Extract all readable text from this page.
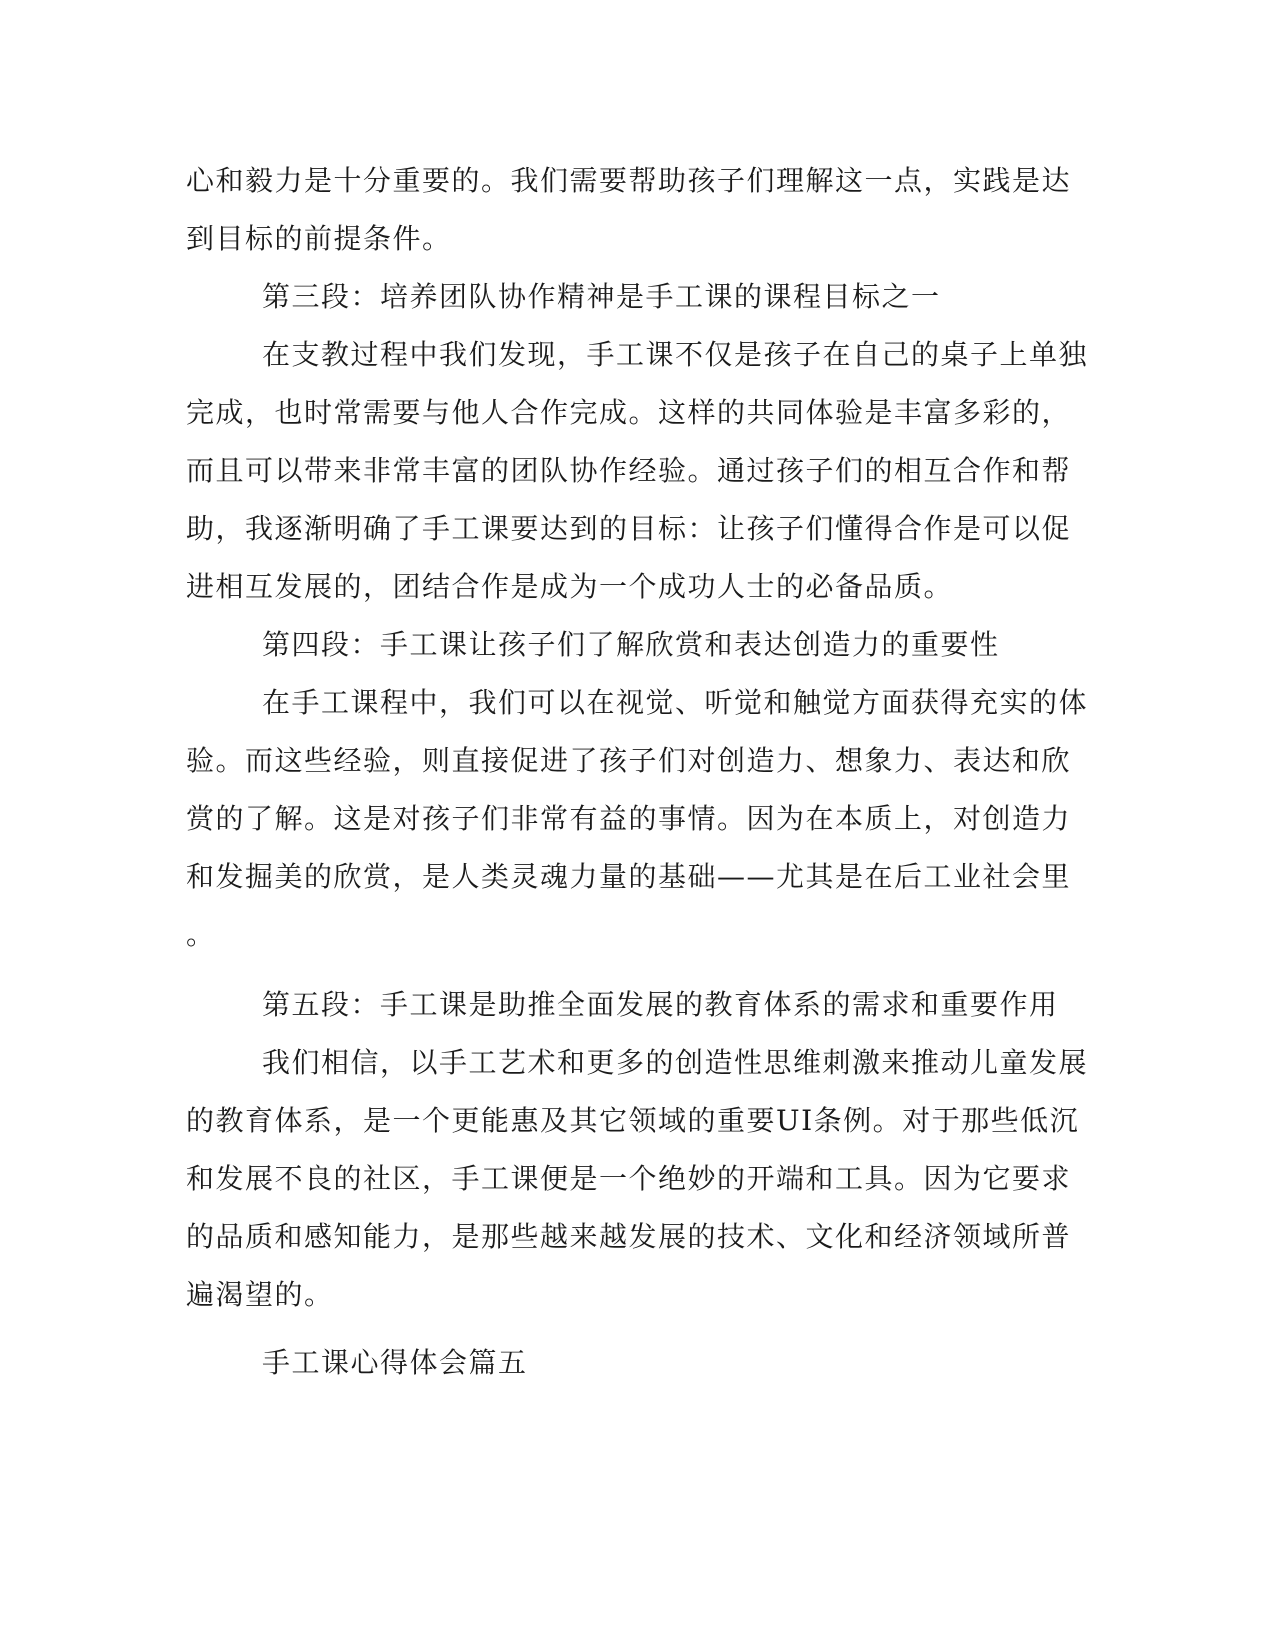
心和毅力是十分重要的。我们需要帮助孩子们理解这一点，实践是达
到目标的前提条件。
第三段：培养团队协作精神是手工课的课程目标之一
在支教过程中我们发现，手工课不仅是孩子在自己的桌子上单独
完成，也时常需要与他人合作完成。这样的共同体验是丰富多彩的，
而且可以带来非常丰富的团队协作经验。通过孩子们的相互合作和帮
助，我逐渐明确了手工课要达到的目标：让孩子们懂得合作是可以促
进相互发展的，团结合作是成为一个成功人士的必备品质。
第四段：手工课让孩子们了解欣赏和表达创造力的重要性
在手工课程中，我们可以在视觉、听觉和触觉方面获得充实的体
验。而这些经验，则直接促进了孩子们对创造力、想象力、表达和欣
赏的了解。这是对孩子们非常有益的事情。因为在本质上，对创造力
和发掘美的欣赏，是人类灵魂力量的基础——尤其是在后工业社会里
。
第五段：手工课是助推全面发展的教育体系的需求和重要作用
我们相信，以手工艺术和更多的创造性思维刺激来推动儿童发展
的教育体系，是一个更能惠及其它领域的重要UI条例。对于那些低沉
和发展不良的社区，手工课便是一个绝妙的开端和工具。因为它要求
的品质和感知能力，是那些越来越发展的技术、文化和经济领域所普
遍渴望的。
手工课心得体会篇五
